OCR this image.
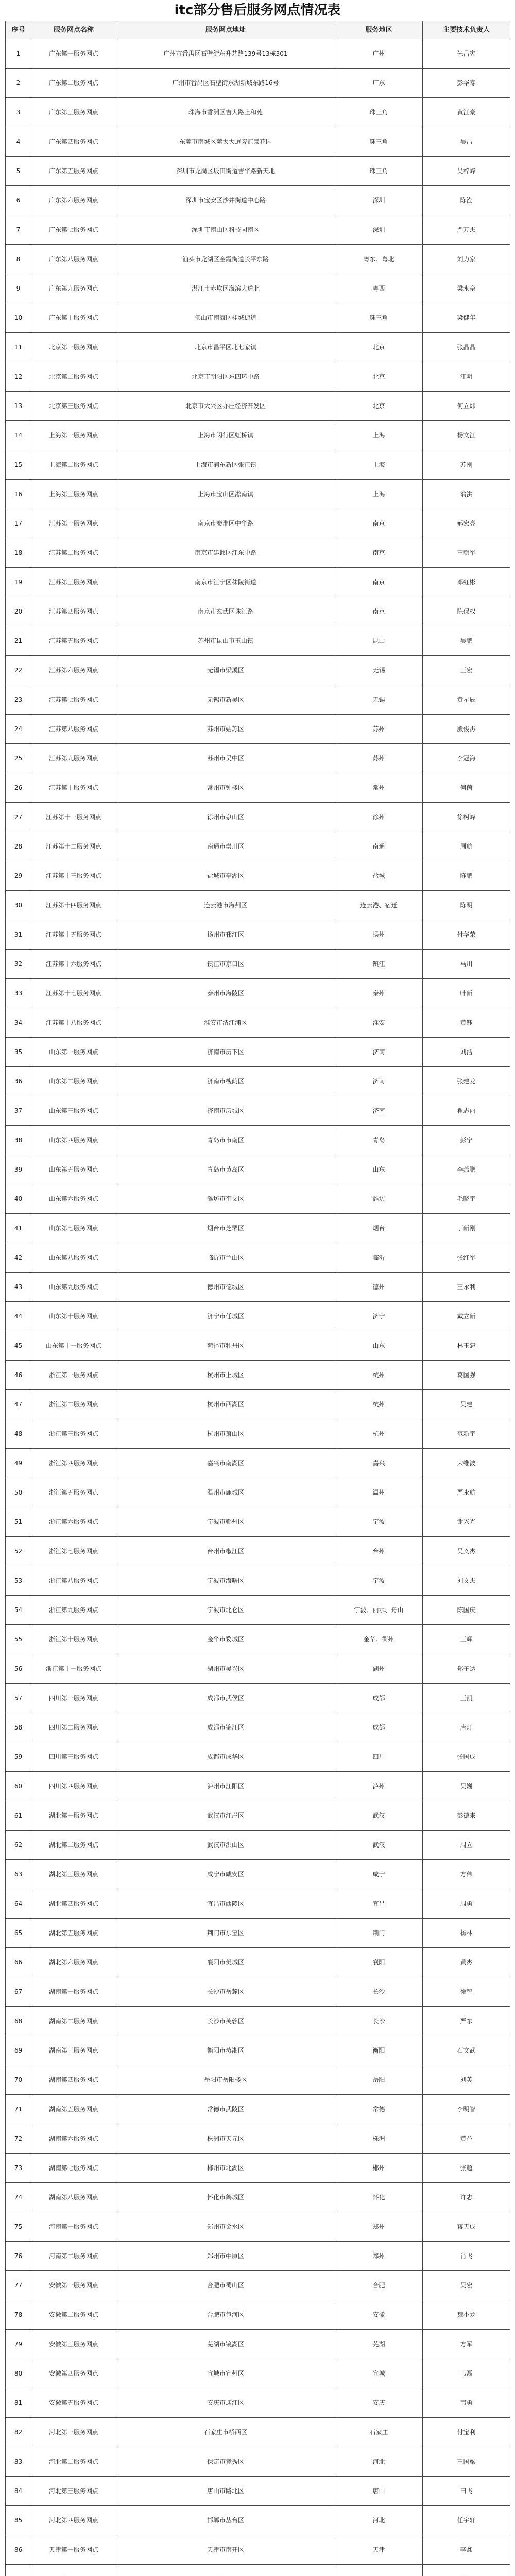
itc部分售后服务网点情况表
序号	服务网点名称	服务网点地址	服务地区	主要技术负责人
1	广东第一服务网点	广州市番禺区石壁街东升艺路139号13栋301	广州	朱昌宪
2	广东第二服务网点	广州市番禺区石壁街东湖新城东路16号	广东	彭华寿
3	广东第三服务网点	珠海市香洲区吉大路上和苑	珠三角	黄江豪
4	广东第四服务网点	东莞市南城区莞太大道旁汇景花园	珠三角	吴昌
5	广东第五服务网点	深圳市龙岗区坂田街道吉华路新天地	珠三角	吴梓峰
6	广东第六服务网点	深圳市宝安区沙井街道中心路	深圳	陈滢
7	广东第七服务网点	深圳市南山区科技园南区	深圳	严万杰
8	广东第八服务网点	汕头市龙湖区金霞街道长平东路	粤东、粤北	刘力家
9	广东第九服务网点	湛江市赤坎区海滨大道北	粤西	梁永奋
10	广东第十服务网点	佛山市南海区桂城街道	珠三角	梁健年
11	北京第一服务网点	北京市昌平区北七家镇	北京	张晶晶
12	北京第二服务网点	北京市朝阳区东四环中路	北京	江明
13	北京第三服务网点	北京市大兴区亦庄经济开发区	北京	何立炜
14	上海第一服务网点	上海市闵行区虹桥镇	上海	杨文江
15	上海第二服务网点	上海市浦东新区张江镇	上海	苏刚
16	上海第三服务网点	上海市宝山区淞南镇	上海	翁洪
17	江苏第一服务网点	南京市秦淮区中华路	南京	郝宏亮
18	江苏第二服务网点	南京市建邺区江东中路	南京	王朝军
19	江苏第三服务网点	南京市江宁区秣陵街道	南京	邓红彬
20	江苏第四服务网点	南京市玄武区珠江路	南京	陈保权
21	江苏第五服务网点	苏州市昆山市玉山镇	昆山	吴鹏
22	江苏第六服务网点	无锡市梁溪区	无锡	王宏
23	江苏第七服务网点	无锡市新吴区	无锡	黄星辰
24	江苏第八服务网点	苏州市姑苏区	苏州	殷俊杰
25	江苏第九服务网点	苏州市吴中区	苏州	李冠海
26	江苏第十服务网点	常州市钟楼区	常州	何茵
27	江苏第十一服务网点	徐州市泉山区	徐州	徐树峰
28	江苏第十二服务网点	南通市崇川区	南通	周航
29	江苏第十三服务网点	盐城市亭湖区	盐城	陈鹏
30	江苏第十四服务网点	连云港市海州区	连云港、宿迁	陈明
31	江苏第十五服务网点	扬州市邗江区	扬州	付华荣
32	江苏第十六服务网点	镇江市京口区	镇江	马川
33	江苏第十七服务网点	泰州市海陵区	泰州	叶新
34	江苏第十八服务网点	淮安市清江浦区	淮安	黄钰
35	山东第一服务网点	济南市历下区	济南	刘浩
36	山东第二服务网点	济南市槐荫区	济南	张建龙
37	山东第三服务网点	济南市历城区	济南	翟志丽
38	山东第四服务网点	青岛市市南区	青岛	彭宁
39	山东第五服务网点	青岛市黄岛区	山东	李燕鹏
40	山东第六服务网点	潍坊市奎文区	潍坊	毛晓宇
41	山东第七服务网点	烟台市芝罘区	烟台	丁新刚
42	山东第八服务网点	临沂市兰山区	临沂	张红军
43	山东第九服务网点	德州市德城区	德州	王永利
44	山东第十服务网点	济宁市任城区	济宁	戴立新
45	山东第十一服务网点	菏泽市牡丹区	山东	林玉恕
46	浙江第一服务网点	杭州市上城区	杭州	葛国强
47	浙江第二服务网点	杭州市西湖区	杭州	吴建
48	浙江第三服务网点	杭州市萧山区	杭州	范新宇
49	浙江第四服务网点	嘉兴市南湖区	嘉兴	宋维波
50	浙江第五服务网点	温州市鹿城区	温州	严永航
51	浙江第六服务网点	宁波市鄞州区	宁波	谢兴光
52	浙江第七服务网点	台州市椒江区	台州	吴义杰
53	浙江第八服务网点	宁波市海曙区	宁波	刘文杰
54	浙江第九服务网点	宁波市北仑区	宁波、丽水、舟山	陈国庆
55	浙江第十服务网点	金华市婺城区	金华、衢州	王辉
56	浙江第十一服务网点	湖州市吴兴区	湖州	郑子达
57	四川第一服务网点	成都市武侯区	成都	王凯
58	四川第二服务网点	成都市锦江区	成都	唐灯
59	四川第三服务网点	成都市成华区	四川	张国成
60	四川第四服务网点	泸州市江阳区	泸州	吴巍
61	湖北第一服务网点	武汉市江岸区	武汉	彭德来
62	湖北第二服务网点	武汉市洪山区	武汉	周立
63	湖北第三服务网点	咸宁市咸安区	咸宁	方伟
64	湖北第四服务网点	宜昌市西陵区	宜昌	周勇
65	湖北第五服务网点	荆门市东宝区	荆门	杨林
66	湖北第六服务网点	襄阳市樊城区	襄阳	黄杰
67	湖南第一服务网点	长沙市岳麓区	长沙	徐智
68	湖南第二服务网点	长沙市芙蓉区	长沙	严东
69	湖南第三服务网点	衡阳市蒸湘区	衡阳	石文武
70	湖南第四服务网点	岳阳市岳阳楼区	岳阳	刘英
71	湖南第五服务网点	常德市武陵区	常德	李明智
72	湖南第六服务网点	株洲市天元区	株洲	黄益
73	湖南第七服务网点	郴州市北湖区	郴州	张超
74	湖南第八服务网点	怀化市鹤城区	怀化	许志
75	河南第一服务网点	郑州市金水区	郑州	蒋天成
76	河南第二服务网点	郑州市中原区	郑州	肖飞
77	安徽第一服务网点	合肥市蜀山区	合肥	吴宏
78	安徽第二服务网点	合肥市包河区	安徽	魏小龙
79	安徽第三服务网点	芜湖市镜湖区	芜湖	方军
80	安徽第四服务网点	宣城市宣州区	宣城	韦磊
81	安徽第五服务网点	安庆市迎江区	安庆	韦勇
82	河北第一服务网点	石家庄市桥西区	石家庄	付宝利
83	河北第二服务网点	保定市竞秀区	河北	王国梁
84	河北第三服务网点	唐山市路北区	唐山	田飞
85	河北第四服务网点	邯郸市丛台区	河北	任宇轩
86	天津第一服务网点	天津市南开区	天津	李鑫
